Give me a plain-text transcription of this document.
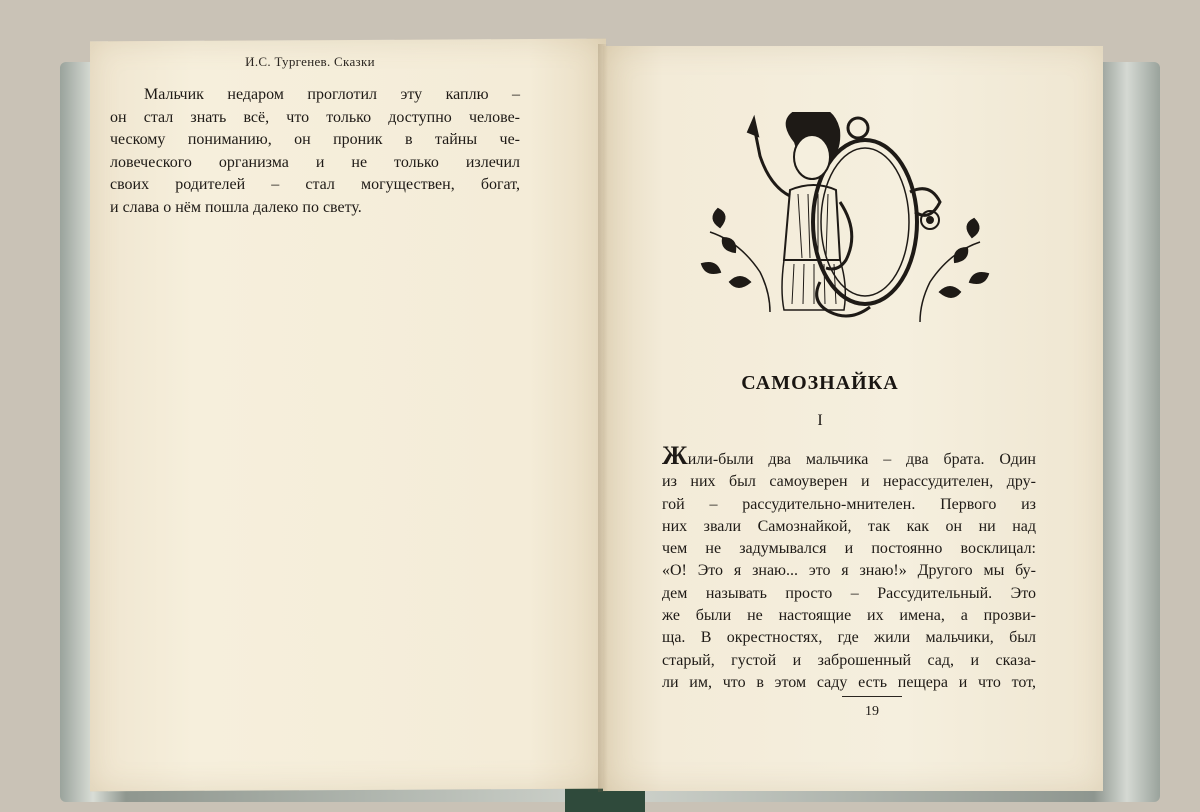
И.С. Тургенев. Сказки
Мальчик недаром проглотил эту каплю –
он стал знать всё, что только доступно челове-
ческому пониманию, он проник в тайны че-
ловеческого организма и не только излечил
своих родителей – стал могуществен, богат,
и слава о нём пошла далеко по свету.
САМОЗНАЙКА
I
Жили-были два мальчика – два брата. Один
из них был самоуверен и нерассудителен, дру-
гой – рассудительно-мнителен. Первого из
них звали Самознайкой, так как он ни над
чем не задумывался и постоянно восклицал:
«О! Это я знаю... это я знаю!» Другого мы бу-
дем называть просто – Рассудительный. Это
же были не настоящие их имена, а прозви-
ща. В окрестностях, где жили мальчики, был
старый, густой и заброшенный сад, и сказа-
ли им, что в этом саду есть пещера и что тот,
19
